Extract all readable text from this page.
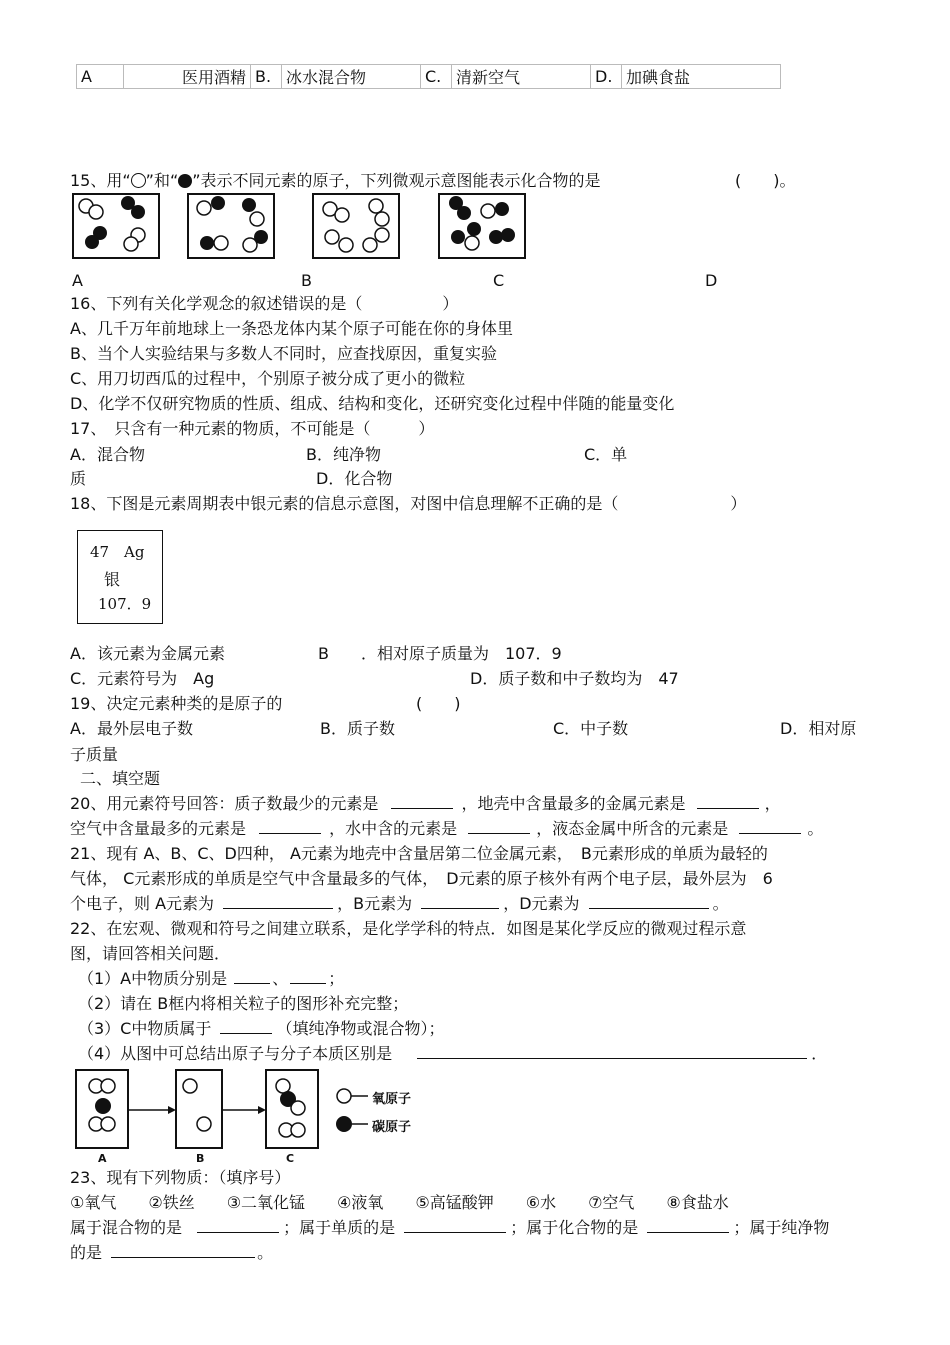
A	医用酒精	B.	冰水混合物	C.	清新空气	D.	加碘食盐
15、用“ ”和“ ”表示不同元素的原子，下列微观示意图能表示化合物的是	(　　)。
A	B	C	D
16、下列有关化学观念的叙述错误的是（　　　　　）
A、几千万年前地球上一条恐龙体内某个原子可能在你的身体里
B、当个人实验结果与多数人不同时，应查找原因，重复实验
C、用刀切西瓜的过程中，个别原子被分成了更小的微粒
D、化学不仅研究物质的性质、组成、结构和变化，还研究变化过程中伴随的能量变化
17、　只含有一种元素的物质，不可能是（　　　）
A．混合物	B．纯净物	C．单
质	D．化合物
18、下图是元素周期表中银元素的信息示意图，对图中信息理解不正确的是（　　　　　　　）
47 Ag
银
107．9
A．该元素为金属元素	B　　．相对原子质量为　107．9
C．元素符号为　Ag	D．质子数和中子数均为　47
19、决定元素种类的是原子的	(　　)
A．最外层电子数	B．质子数	C．中子数	D．相对原
子质量
二、填空题
20、用元素符号回答：质子数最少的元素是	，地壳中含量最多的金属元素是	，
空气中含量最多的元素是	，水中含的元素是	，液态金属中所含的元素是	。
21、现有 A、B、C、D四种， A元素为地壳中含量居第二位金属元素，　B元素形成的单质为最轻的
气体， C元素形成的单质是空气中含量最多的气体，　D元素的原子核外有两个电子层，最外层为　6
个电子，则 A元素为	，B元素为	，D元素为	。
22、在宏观、微观和符号之间建立联系，是化学学科的特点．如图是某化学反应的微观过程示意
图，请回答相关问题．
（1）A中物质分别是	、	；
（2）请在 B框内将相关粒子的图形补充完整；
（3）C中物质属于	（填纯净物或混合物）；
（4）从图中可总结出原子与分子本质区别是	．
A	B	C
氧原子
碳原子
23、现有下列物质：（填序号）
①氧气　　②铁丝　　③二氧化锰　　④液氧　　⑤高锰酸钾　　⑥水　　⑦空气　　⑧食盐水
属于混合物的是	；属于单质的是	；属于化合物的是	；属于纯净物
的是	。
